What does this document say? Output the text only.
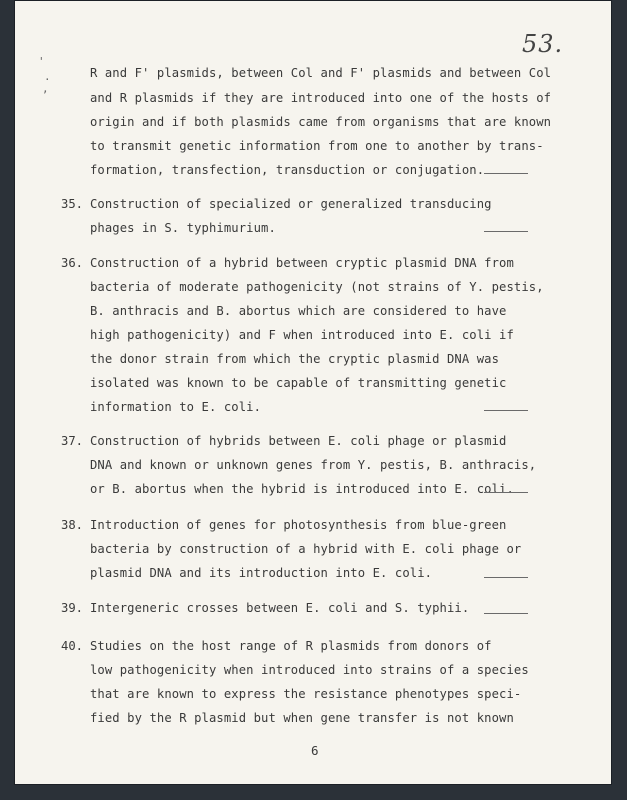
53.
'
.
,
R and F' plasmids, between Col and F' plasmids and between Col
and R plasmids if they are introduced into one of the hosts of
origin and if both plasmids came from organisms that are known
to transmit genetic information from one to another by trans-
formation, transfection, transduction or conjugation.
35. Construction of specialized or generalized transducing
phages in S. typhimurium.
36. Construction of a hybrid between cryptic plasmid DNA from
bacteria of moderate pathogenicity (not strains of Y. pestis,
B. anthracis and B. abortus which are considered to have
high pathogenicity) and F when introduced into E. coli if
the donor strain from which the cryptic plasmid DNA was
isolated was known to be capable of transmitting genetic
information to E. coli.
37. Construction of hybrids between E. coli phage or plasmid
DNA and known or unknown genes from Y. pestis, B. anthracis,
or B. abortus when the hybrid is introduced into E. coli.
38. Introduction of genes for photosynthesis from blue-green
bacteria by construction of a hybrid with E. coli phage or
plasmid DNA and its introduction into E. coli.
39. Intergeneric crosses between E. coli and S. typhii.
40. Studies on the host range of R plasmids from donors of
low pathogenicity when introduced into strains of a species
that are known to express the resistance phenotypes speci-
fied by the R plasmid but when gene transfer is not known
6
